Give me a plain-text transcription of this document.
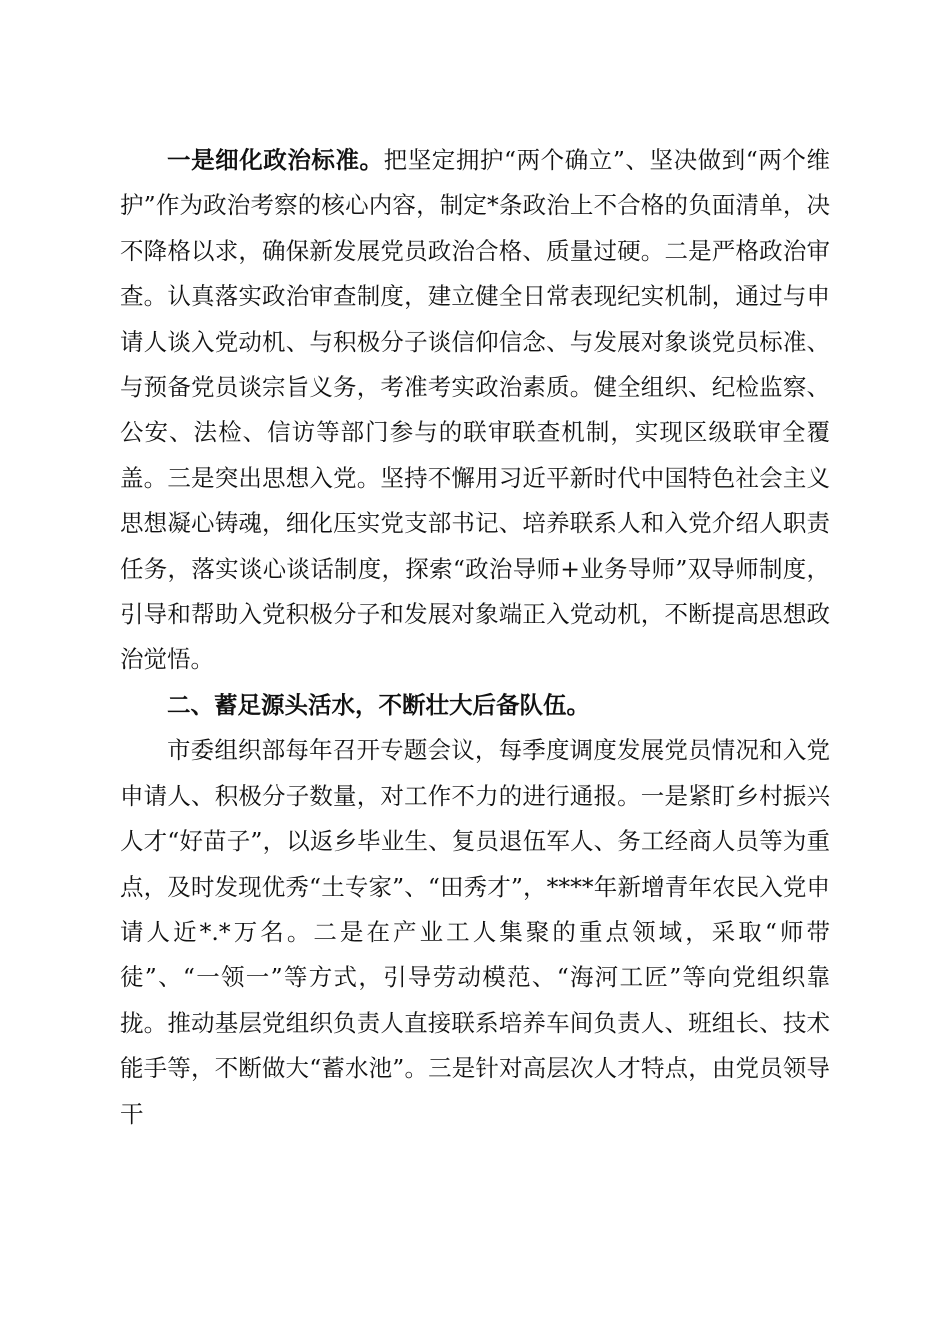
一是细化政治标准。把坚定拥护“两个确立”、坚决做到“两个维护”作为政治考察的核心内容，制定*条政治上不合格的负面清单，决不降格以求，确保新发展党员政治合格、质量过硬。二是严格政治审查。认真落实政治审查制度，建立健全日常表现纪实机制，通过与申请人谈入党动机、与积极分子谈信仰信念、与发展对象谈党员标准、与预备党员谈宗旨义务，考准考实政治素质。健全组织、纪检监察、公安、法检、信访等部门参与的联审联查机制，实现区级联审全覆盖。三是突出思想入党。坚持不懈用习近平新时代中国特色社会主义思想凝心铸魂，细化压实党支部书记、培养联系人和入党介绍人职责任务，落实谈心谈话制度，探索“政治导师+业务导师”双导师制度，引导和帮助入党积极分子和发展对象端正入党动机，不断提高思想政治觉悟。

二、蓄足源头活水，不断壮大后备队伍。

市委组织部每年召开专题会议，每季度调度发展党员情况和入党申请人、积极分子数量，对工作不力的进行通报。一是紧盯乡村振兴人才“好苗子”，以返乡毕业生、复员退伍军人、务工经商人员等为重点，及时发现优秀“土专家”、“田秀才”，****年新增青年农民入党申请人近*.*万名。二是在产业工人集聚的重点领域，采取“师带徒”、“一领一”等方式，引导劳动模范、“海河工匠”等向党组织靠拢。推动基层党组织负责人直接联系培养车间负责人、班组长、技术能手等，不断做大“蓄水池”。三是针对高层次人才特点，由党员领导干
